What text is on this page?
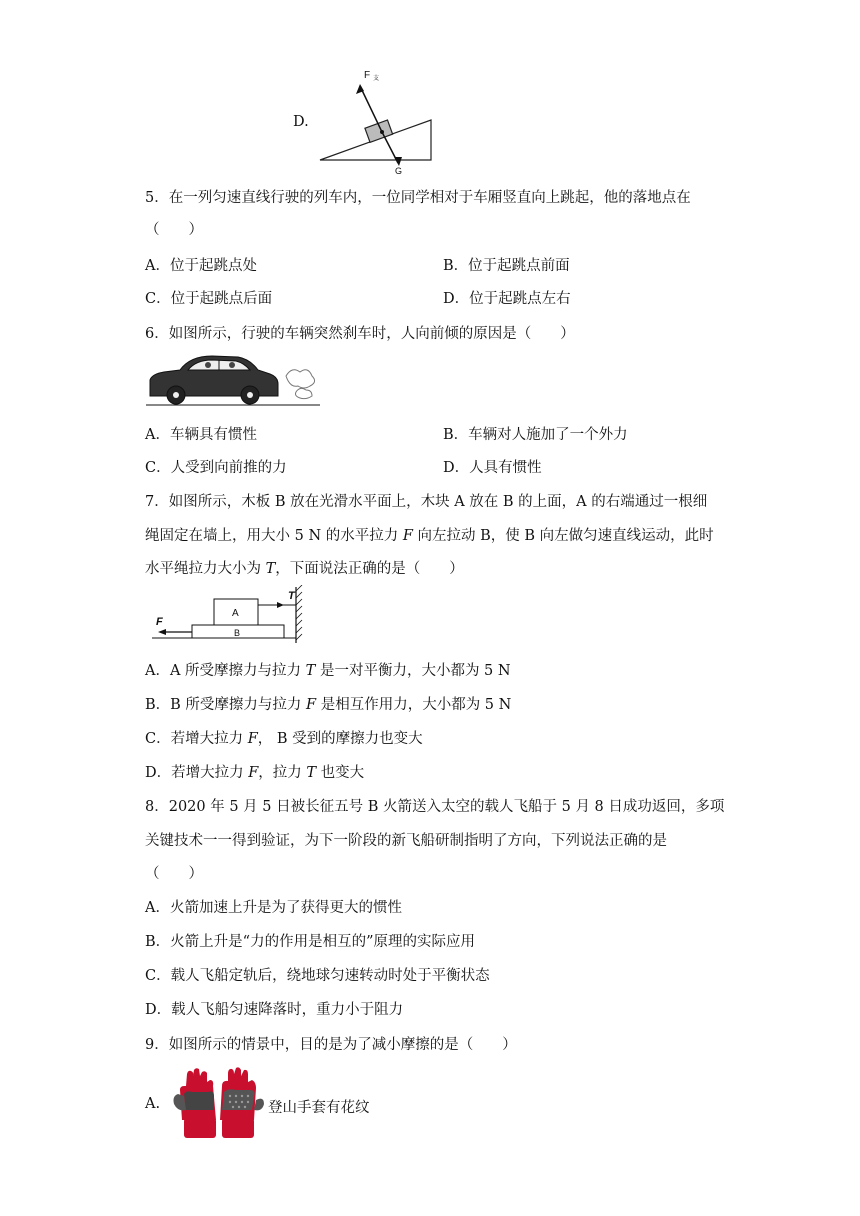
D.
F 支
G
5．在一列匀速直线行驶的列车内，一位同学相对于车厢竖直向上跳起，他的落地点在
（　　）
A．位于起跳点处	B．位于起跳点前面
C．位于起跳点后面	D．位于起跳点左右
6．如图所示，行驶的车辆突然刹车时，人向前倾的原因是（　　）
A．车辆具有惯性	B．车辆对人施加了一个外力
C．人受到向前推的力	D．人具有惯性
7．如图所示，木板 B 放在光滑水平面上，木块 A 放在 B 的上面，A 的右端通过一根细
绳固定在墙上，用大小 5 N 的水平拉力 F 向左拉动 B，使 B 向左做匀速直线运动，此时
水平绳拉力大小为 T，下面说法正确的是（　　）
A
B
T
F
A．A 所受摩擦力与拉力 T 是一对平衡力，大小都为 5 N
B．B 所受摩擦力与拉力 F 是相互作用力，大小都为 5 N
C．若增大拉力 F， B 受到的摩擦力也变大
D．若增大拉力 F，拉力 T 也变大
8．2020 年 5 月 5 日被长征五号 B 火箭送入太空的载人飞船于 5 月 8 日成功返回，多项
关键技术一一得到验证，为下一阶段的新飞船研制指明了方向，下列说法正确的是
（　　）
A．火箭加速上升是为了获得更大的惯性
B．火箭上升是“力的作用是相互的”原理的实际应用
C．载人飞船定轨后，绕地球匀速转动时处于平衡状态
D．载人飞船匀速降落时，重力小于阻力
9．如图所示的情景中，目的是为了减小摩擦的是（　　）
A.	登山手套有花纹
